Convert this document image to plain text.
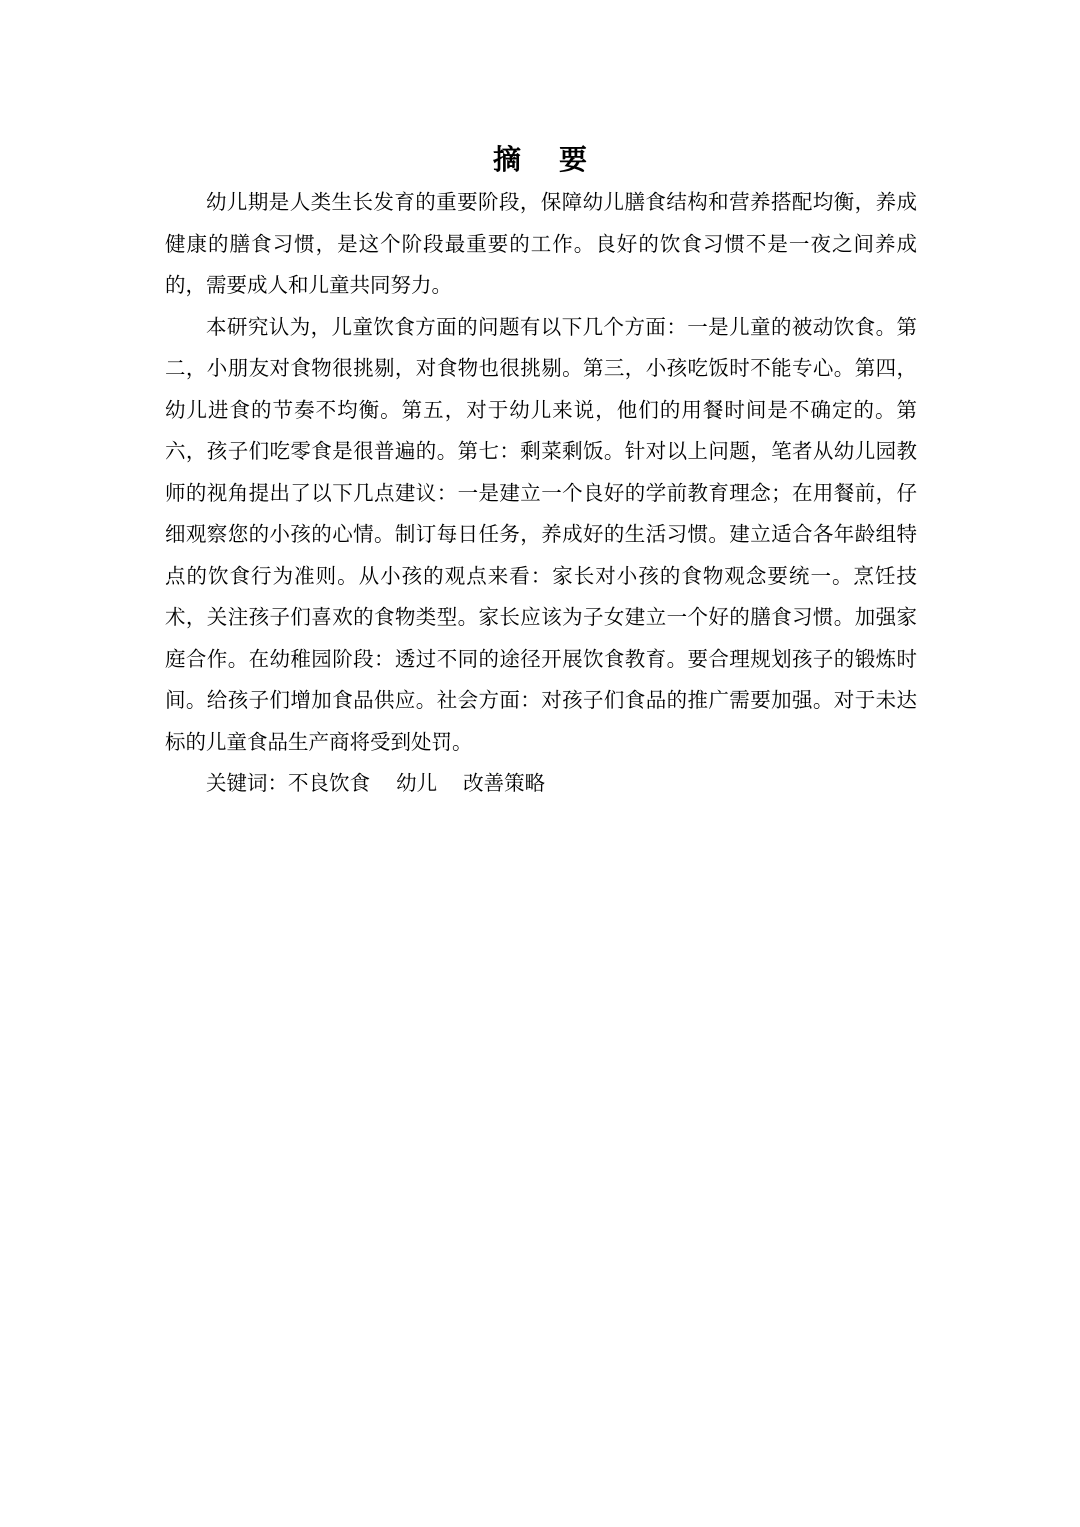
摘 要

幼儿期是人类生长发育的重要阶段，保障幼儿膳食结构和营养搭配均衡，养成健康的膳食习惯，是这个阶段最重要的工作。良好的饮食习惯不是一夜之间养成的，需要成人和儿童共同努力。

本研究认为，儿童饮食方面的问题有以下几个方面：一是儿童的被动饮食。第二，小朋友对食物很挑剔，对食物也很挑剔。第三，小孩吃饭时不能专心。第四，幼儿进食的节奏不均衡。第五，对于幼儿来说，他们的用餐时间是不确定的。第六，孩子们吃零食是很普遍的。第七：剩菜剩饭。针对以上问题，笔者从幼儿园教师的视角提出了以下几点建议：一是建立一个良好的学前教育理念；在用餐前，仔细观察您的小孩的心情。制订每日任务，养成好的生活习惯。建立适合各年龄组特点的饮食行为准则。从小孩的观点来看：家长对小孩的食物观念要统一。烹饪技术，关注孩子们喜欢的食物类型。家长应该为子女建立一个好的膳食习惯。加强家庭合作。在幼稚园阶段：透过不同的途径开展饮食教育。要合理规划孩子的锻炼时间。给孩子们增加食品供应。社会方面：对孩子们食品的推广需要加强。对于未达标的儿童食品生产商将受到处罚。

关键词：不良饮食 幼儿 改善策略
